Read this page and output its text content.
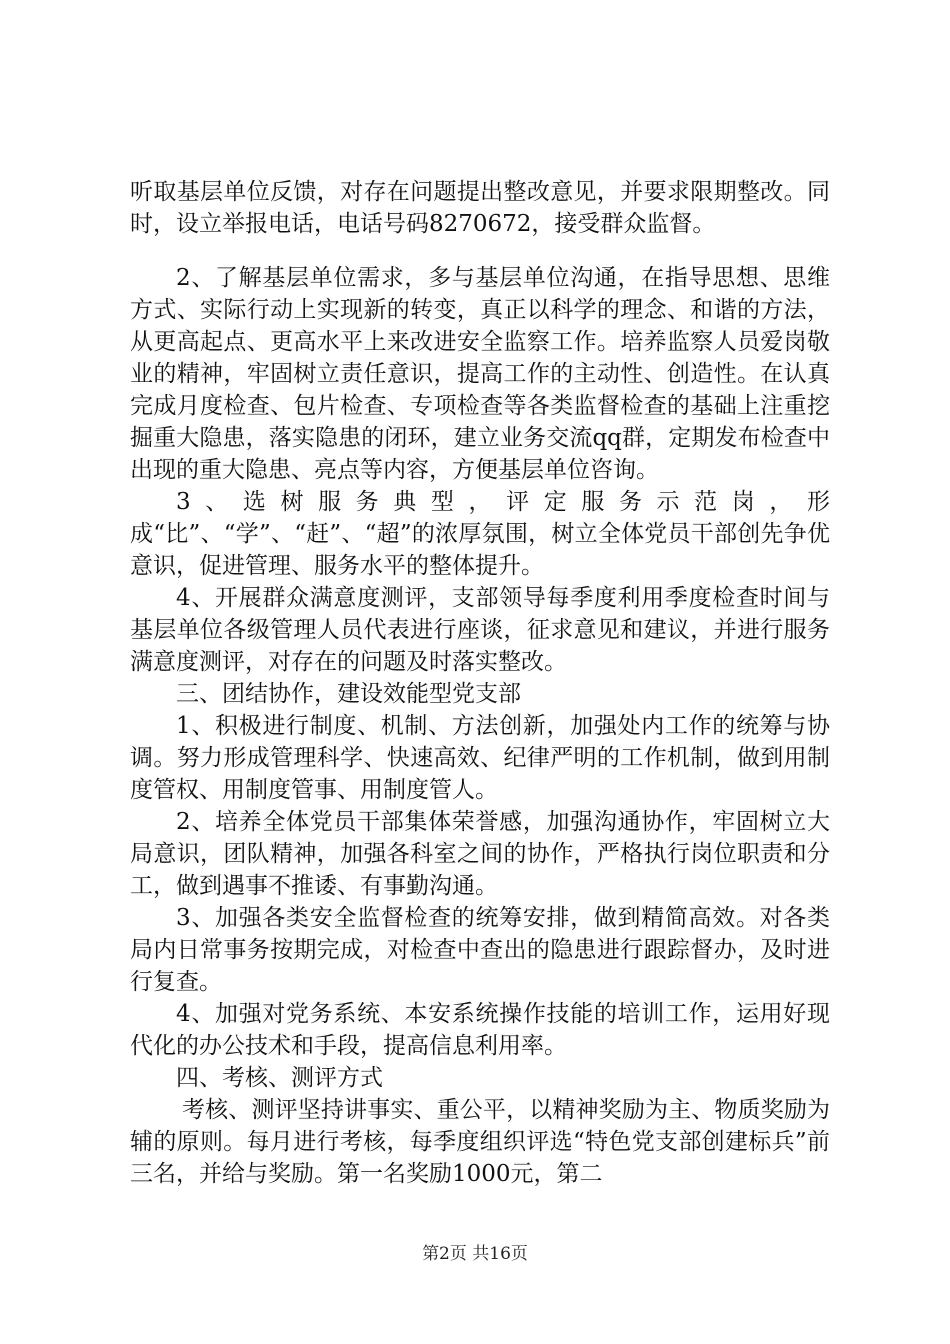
听取基层单位反馈，对存在问题提出整改意见，并要求限期整改。同时，设立举报电话，电话号码8270672，接受群众监督。

2、了解基层单位需求，多与基层单位沟通，在指导思想、思维方式、实际行动上实现新的转变，真正以科学的理念、和谐的方法，从更高起点、更高水平上来改进安全监察工作。培养监察人员爱岗敬业的精神，牢固树立责任意识，提高工作的主动性、创造性。在认真完成月度检查、包片检查、专项检查等各类监督检查的基础上注重挖掘重大隐患，落实隐患的闭环，建立业务交流qq群，定期发布检查中出现的重大隐患、亮点等内容，方便基层单位咨询。

3、选树服务典型，评定服务示范岗，形成“比”、“学”、“赶”、“超”的浓厚氛围，树立全体党员干部创先争优意识，促进管理、服务水平的整体提升。

4、开展群众满意度测评，支部领导每季度利用季度检查时间与基层单位各级管理人员代表进行座谈，征求意见和建议，并进行服务满意度测评，对存在的问题及时落实整改。

三、团结协作，建设效能型党支部

1、积极进行制度、机制、方法创新，加强处内工作的统筹与协调。努力形成管理科学、快速高效、纪律严明的工作机制，做到用制度管权、用制度管事、用制度管人。

2、培养全体党员干部集体荣誉感，加强沟通协作，牢固树立大局意识，团队精神，加强各科室之间的协作，严格执行岗位职责和分工，做到遇事不推诿、有事勤沟通。

3、加强各类安全监督检查的统筹安排，做到精简高效。对各类局内日常事务按期完成，对检查中查出的隐患进行跟踪督办，及时进行复查。

4、加强对党务系统、本安系统操作技能的培训工作，运用好现代化的办公技术和手段，提高信息利用率。

四、考核、测评方式

考核、测评坚持讲事实、重公平，以精神奖励为主、物质奖励为辅的原则。每月进行考核，每季度组织评选“特色党支部创建标兵”前三名，并给与奖励。第一名奖励1000元，第二

第2页 共16页
